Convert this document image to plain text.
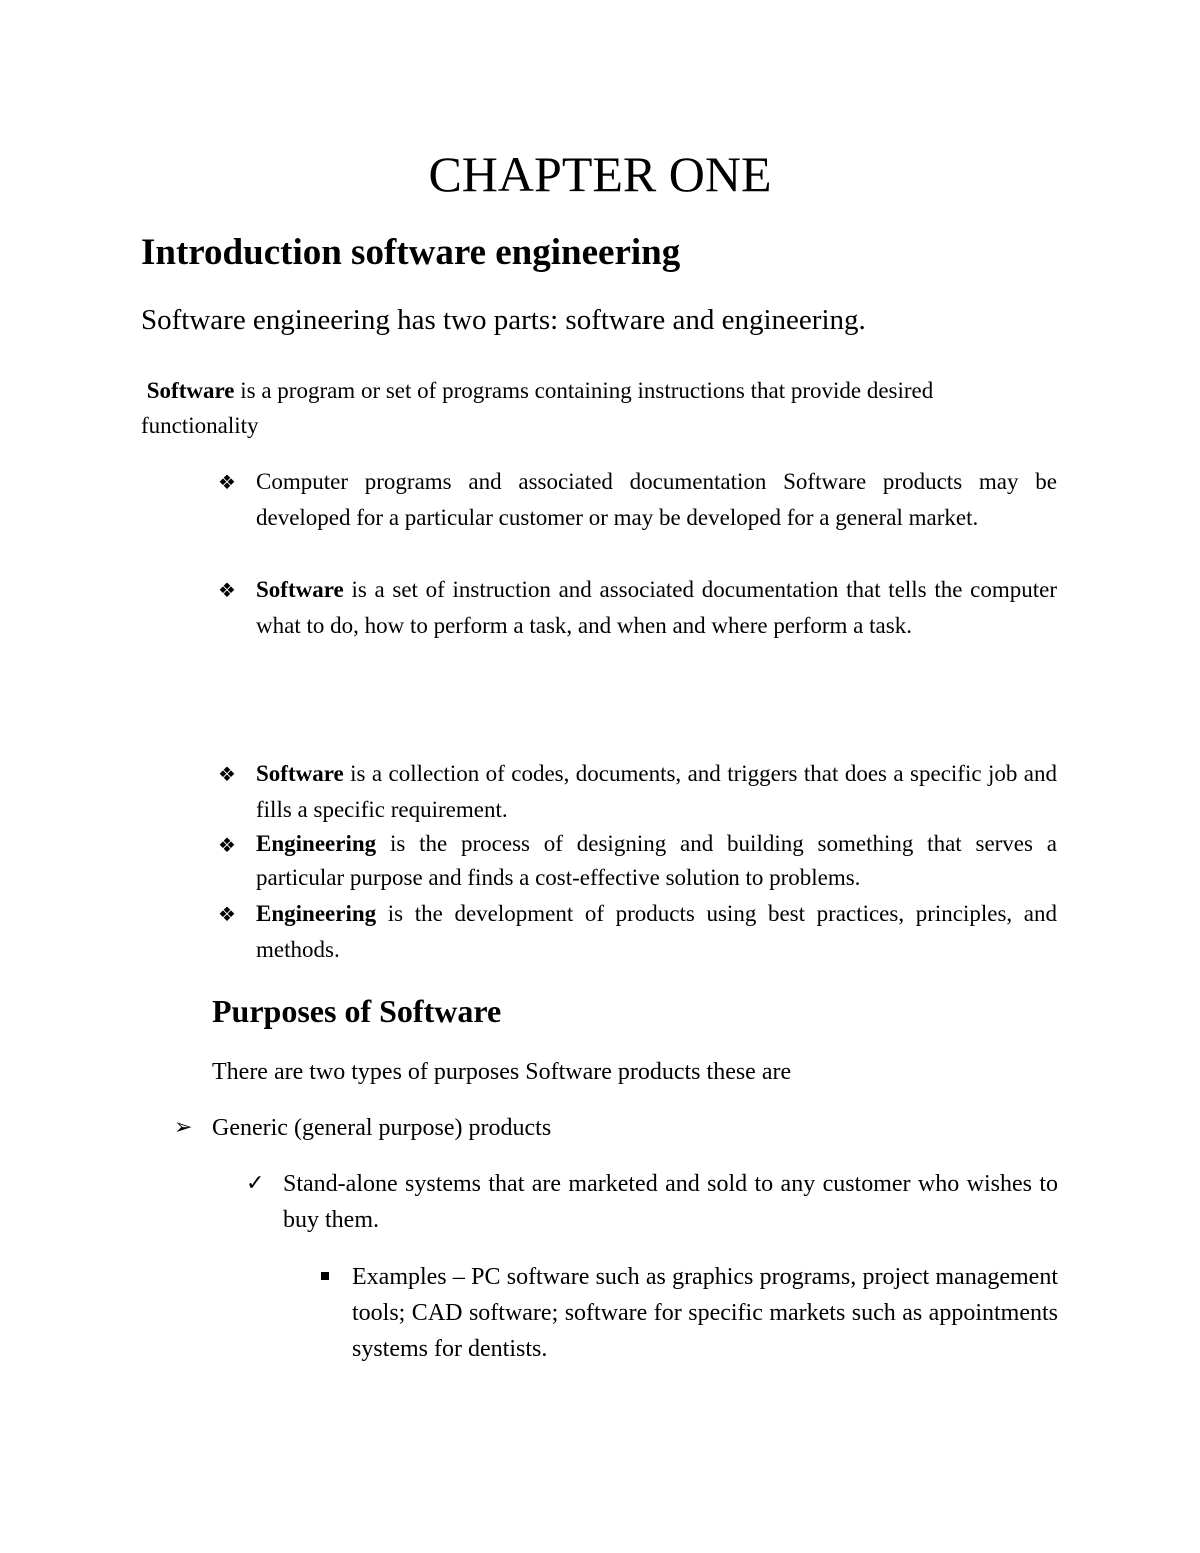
CHAPTER ONE
Introduction software engineering
Software engineering has two parts: software and engineering.
Software is a program or set of programs containing instructions that provide desired functionality
❖ Computer programs and associated documentation Software products may be developed for a particular customer or may be developed for a general market.
❖ Software is a set of instruction and associated documentation that tells the computer what to do, how to perform a task, and when and where perform a task.
❖ Software is a collection of codes, documents, and triggers that does a specific job and fills a specific requirement.
❖ Engineering is the process of designing and building something that serves a particular purpose and finds a cost-effective solution to problems.
❖ Engineering is the development of products using best practices, principles, and methods.
Purposes of Software
There are two types of purposes Software products these are
➢ Generic (general purpose) products
✓ Stand-alone systems that are marketed and sold to any customer who wishes to buy them.
Examples – PC software such as graphics programs, project management tools; CAD software; software for specific markets such as appointments systems for dentists.
